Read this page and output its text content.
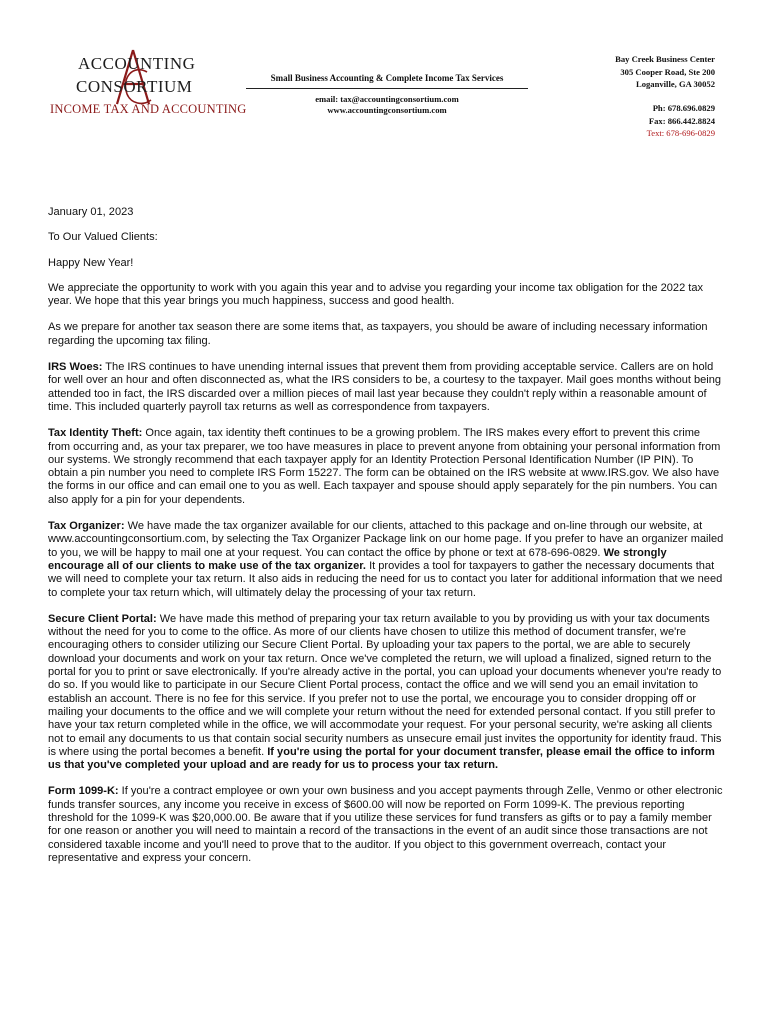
ACCOUNTING
CONSORTIUM
INCOME TAX AND ACCOUNTING
Small Business Accounting & Complete Income Tax Services
email: tax@accountingconsortium.com
www.accountingconsortium.com
Bay Creek Business Center
305 Cooper Road, Ste 200
Loganville, GA 30052
Ph: 678.696.0829
Fax: 866.442.8824
Text: 678-696-0829

January 01, 2023

To Our Valued Clients:

Happy New Year!

We appreciate the opportunity to work with you again this year and to advise you regarding your income tax obligation for the 2022 tax year. We hope that this year brings you much happiness, success and good health.

As we prepare for another tax season there are some items that, as taxpayers, you should be aware of including necessary information regarding the upcoming tax filing.

IRS Woes: The IRS continues to have unending internal issues that prevent them from providing acceptable service. Callers are on hold for well over an hour and often disconnected as, what the IRS considers to be, a courtesy to the taxpayer. Mail goes months without being attended too in fact, the IRS discarded over a million pieces of mail last year because they couldn't reply within a reasonable amount of time. This included quarterly payroll tax returns as well as correspondence from taxpayers.

Tax Identity Theft: Once again, tax identity theft continues to be a growing problem. The IRS makes every effort to prevent this crime from occurring and, as your tax preparer, we too have measures in place to prevent anyone from obtaining your personal information from our systems. We strongly recommend that each taxpayer apply for an Identity Protection Personal Identification Number (IP PIN). To obtain a pin number you need to complete IRS Form 15227. The form can be obtained on the IRS website at www.IRS.gov. We also have the forms in our office and can email one to you as well. Each taxpayer and spouse should apply separately for the pin numbers. You can also apply for a pin for your dependents.

Tax Organizer: We have made the tax organizer available for our clients, attached to this package and on-line through our website, at www.accountingconsortium.com, by selecting the Tax Organizer Package link on our home page. If you prefer to have an organizer mailed to you, we will be happy to mail one at your request. You can contact the office by phone or text at 678-696-0829. We strongly encourage all of our clients to make use of the tax organizer. It provides a tool for taxpayers to gather the necessary documents that we will need to complete your tax return. It also aids in reducing the need for us to contact you later for additional information that we need to complete your tax return which, will ultimately delay the processing of your tax return.

Secure Client Portal: We have made this method of preparing your tax return available to you by providing us with your tax documents without the need for you to come to the office. As more of our clients have chosen to utilize this method of document transfer, we're encouraging others to consider utilizing our Secure Client Portal. By uploading your tax papers to the portal, we are able to securely download your documents and work on your tax return. Once we've completed the return, we will upload a finalized, signed return to the portal for you to print or save electronically. If you're already active in the portal, you can upload your documents whenever you're ready to do so. If you would like to participate in our Secure Client Portal process, contact the office and we will send you an email invitation to establish an account. There is no fee for this service. If you prefer not to use the portal, we encourage you to consider dropping off or mailing your documents to the office and we will complete your return without the need for extended personal contact. If you still prefer to have your tax return completed while in the office, we will accommodate your request. For your personal security, we're asking all clients not to email any documents to us that contain social security numbers as unsecure email just invites the opportunity for identity fraud. This is where using the portal becomes a benefit. If you're using the portal for your document transfer, please email the office to inform us that you've completed your upload and are ready for us to process your tax return.

Form 1099-K: If you're a contract employee or own your own business and you accept payments through Zelle, Venmo or other electronic funds transfer sources, any income you receive in excess of $600.00 will now be reported on Form 1099-K. The previous reporting threshold for the 1099-K was $20,000.00. Be aware that if you utilize these services for fund transfers as gifts or to pay a family member for one reason or another you will need to maintain a record of the transactions in the event of an audit since those transactions are not considered taxable income and you'll need to prove that to the auditor. If you object to this government overreach, contact your representative and express your concern.
